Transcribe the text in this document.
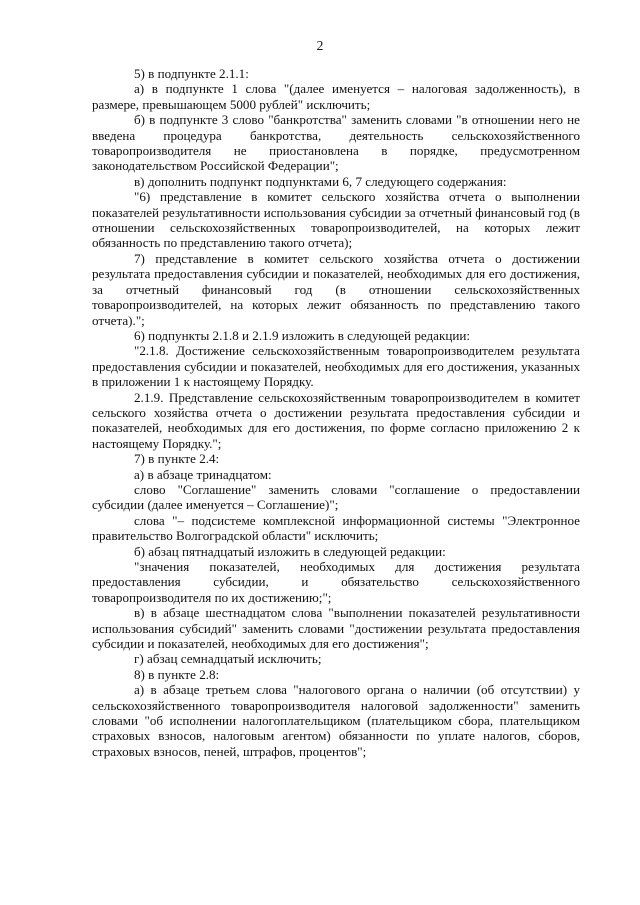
2

5) в подпункте 2.1.1:

а) в подпункте 1 слова "(далее именуется – налоговая задолженность), в размере, превышающем 5000 рублей" исключить;

б) в подпункте 3 слово "банкротства" заменить словами "в отношении него не введена процедура банкротства, деятельность сельскохозяйственного товаропроизводителя не приостановлена в порядке, предусмотренном законодательством Российской Федерации";

в) дополнить подпункт подпунктами 6, 7 следующего содержания:

"6) представление в комитет сельского хозяйства отчета о выполнении показателей результативности использования субсидии за отчетный финансовый год (в отношении сельскохозяйственных товаропроизводителей, на которых лежит обязанность по представлению такого отчета);

7) представление в комитет сельского хозяйства отчета о достижении результата предоставления субсидии и показателей, необходимых для его достижения, за отчетный финансовый год (в отношении сельскохозяйственных товаропроизводителей, на которых лежит обязанность по представлению такого отчета).";

6) подпункты 2.1.8 и 2.1.9 изложить в следующей редакции:

"2.1.8. Достижение сельскохозяйственным товаропроизводителем результата предоставления субсидии и показателей, необходимых для его достижения, указанных в приложении 1 к настоящему Порядку.

2.1.9. Представление сельскохозяйственным товаропроизводителем в комитет сельского хозяйства отчета о достижении результата предоставления субсидии и показателей, необходимых для его достижения, по форме согласно приложению 2 к настоящему Порядку.";

7) в пункте 2.4:

а) в абзаце тринадцатом:

слово "Соглашение" заменить словами "соглашение о предоставлении субсидии (далее именуется – Соглашение)";

слова "– подсистеме комплексной информационной системы "Электронное правительство Волгоградской области" исключить;

б) абзац пятнадцатый изложить в следующей редакции:

"значения показателей, необходимых для достижения результата предоставления субсидии, и обязательство сельскохозяйственного товаропроизводителя по их достижению;";

в) в абзаце шестнадцатом слова "выполнении показателей результативности использования субсидий" заменить словами "достижении результата предоставления субсидии и показателей, необходимых для его достижения";

г) абзац семнадцатый исключить;

8) в пункте 2.8:

а) в абзаце третьем слова "налогового органа о наличии (об отсутствии) у сельскохозяйственного товаропроизводителя налоговой задолженности" заменить словами "об исполнении налогоплательщиком (плательщиком сбора, плательщиком страховых взносов, налоговым агентом) обязанности по уплате налогов, сборов, страховых взносов, пеней, штрафов, процентов";
